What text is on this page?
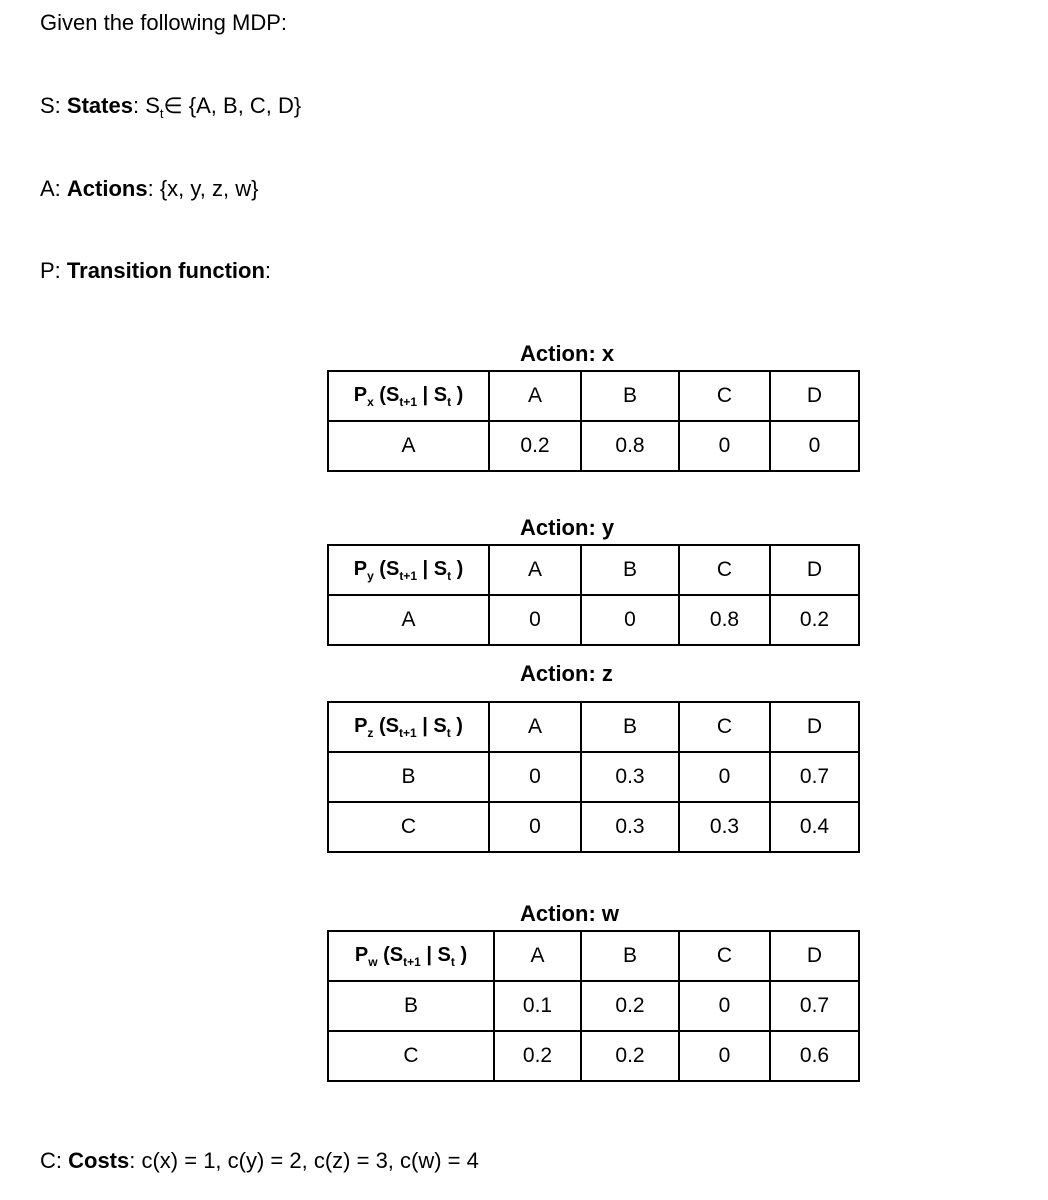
Given the following MDP:
S: States: $S_t\in$ {A, B, C, D}
A: Actions: {x, y, z, w}
P: Transition function:
Action: x
$P_x$ ($S_{t+1}$ | $S_t$ )	A	B	C	D
A	0.2	0.8	0	0
Action: y
$P_y$ ($S_{t+1}$ | $S_t$ )	A	B	C	D
A	0	0	0.8	0.2
Action: z
$P_z$ ($S_{t+1}$ | $S_t$ )	A	B	C	D
B	0	0.3	0	0.7
C	0	0.3	0.3	0.4
Action: w
$P_w$ ($S_{t+1}$ | $S_t$ )	A	B	C	D
B	0.1	0.2	0	0.7
C	0.2	0.2	0	0.6
C: Costs: c(x) = 1, c(y) = 2, c(z) = 3, c(w) = 4
